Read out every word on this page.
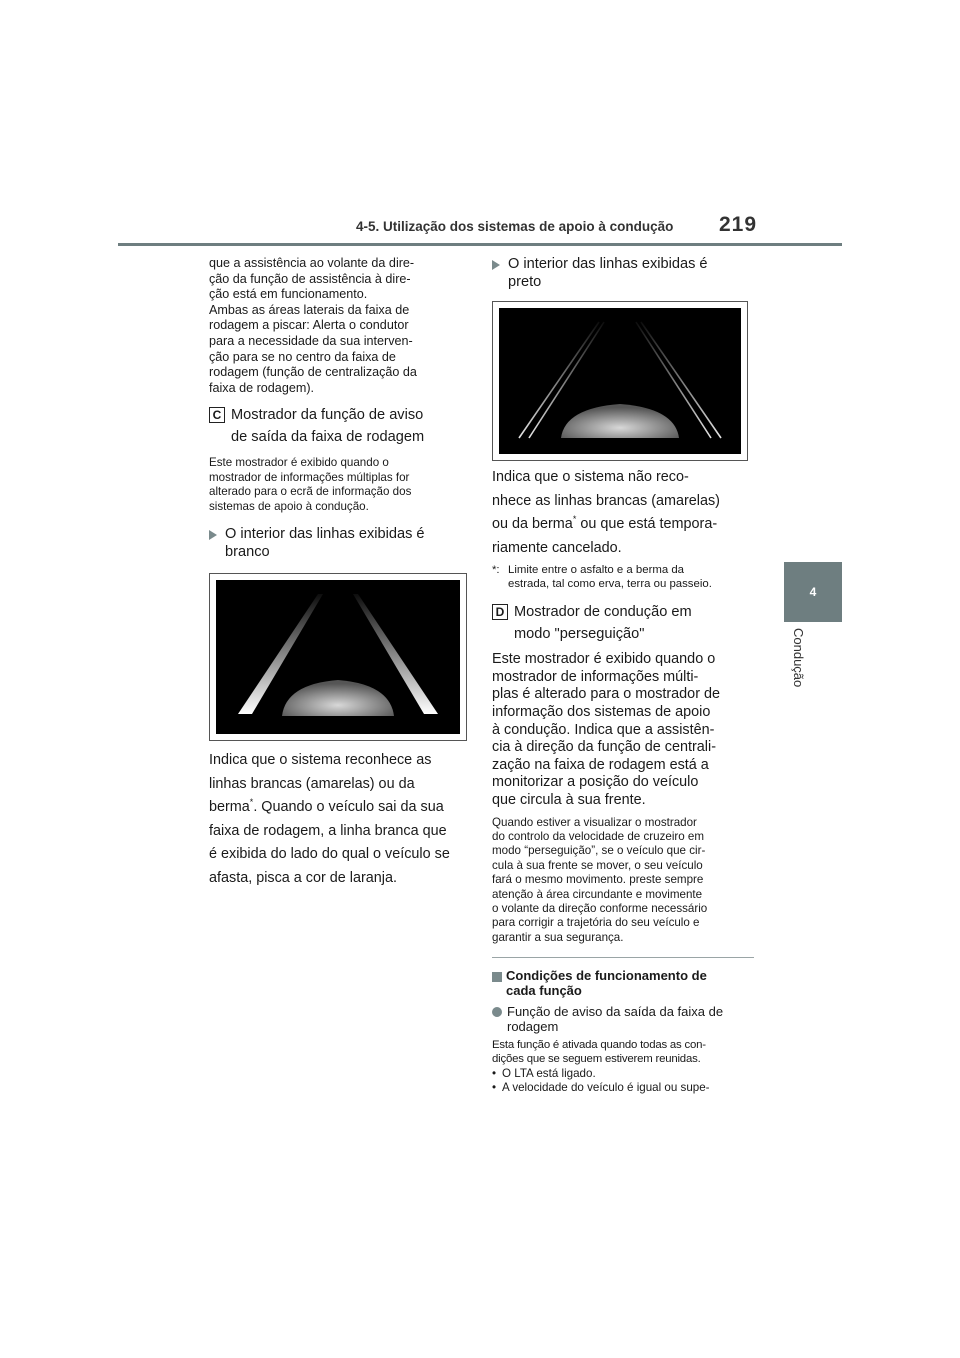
4-5. Utilização dos sistemas de apoio à condução 219
4
Condução
que a assistência ao volante da dire-
ção da função de assistência à dire-
ção está em funcionamento.
Ambas as áreas laterais da faixa de
rodagem a piscar: Alerta o condutor
para a necessidade da sua interven-
ção para se no centro da faixa de
rodagem (função de centralização da
faixa de rodagem).
C Mostrador da função de aviso
de saída da faixa de rodagem
Este mostrador é exibido quando o
mostrador de informações múltiplas for
alterado para o ecrã de informação dos
sistemas de apoio à condução.
O interior das linhas exibidas é
branco
Indica que o sistema reconhece as
linhas brancas (amarelas) ou da
berma*. Quando o veículo sai da sua
faixa de rodagem, a linha branca que
é exibida do lado do qual o veículo se
afasta, pisca a cor de laranja.
O interior das linhas exibidas é
preto
Indica que o sistema não reco-
nhece as linhas brancas (amarelas)
ou da berma* ou que está tempora-
riamente cancelado.
*: Limite entre o asfalto e a berma da
estrada, tal como erva, terra ou passeio.
D Mostrador de condução em
modo "perseguição"
Este mostrador é exibido quando o
mostrador de informações múlti-
plas é alterado para o mostrador de
informação dos sistemas de apoio
à condução. Indica que a assistên-
cia à direção da função de centrali-
zação na faixa de rodagem está a
monitorizar a posição do veículo
que circula à sua frente.
Quando estiver a visualizar o mostrador
do controlo da velocidade de cruzeiro em
modo “perseguição”, se o veículo que cir-
cula à sua frente se mover, o seu veículo
fará o mesmo movimento. preste sempre
atenção à área circundante e movimente
o volante da direção conforme necessário
para corrigir a trajetória do seu veículo e
garantir a sua segurança.
Condições de funcionamento de
cada função
Função de aviso da saída da faixa de
rodagem
Esta função é ativada quando todas as con-
dições que se seguem estiverem reunidas.
• O LTA está ligado.
• A velocidade do veículo é igual ou supe-
